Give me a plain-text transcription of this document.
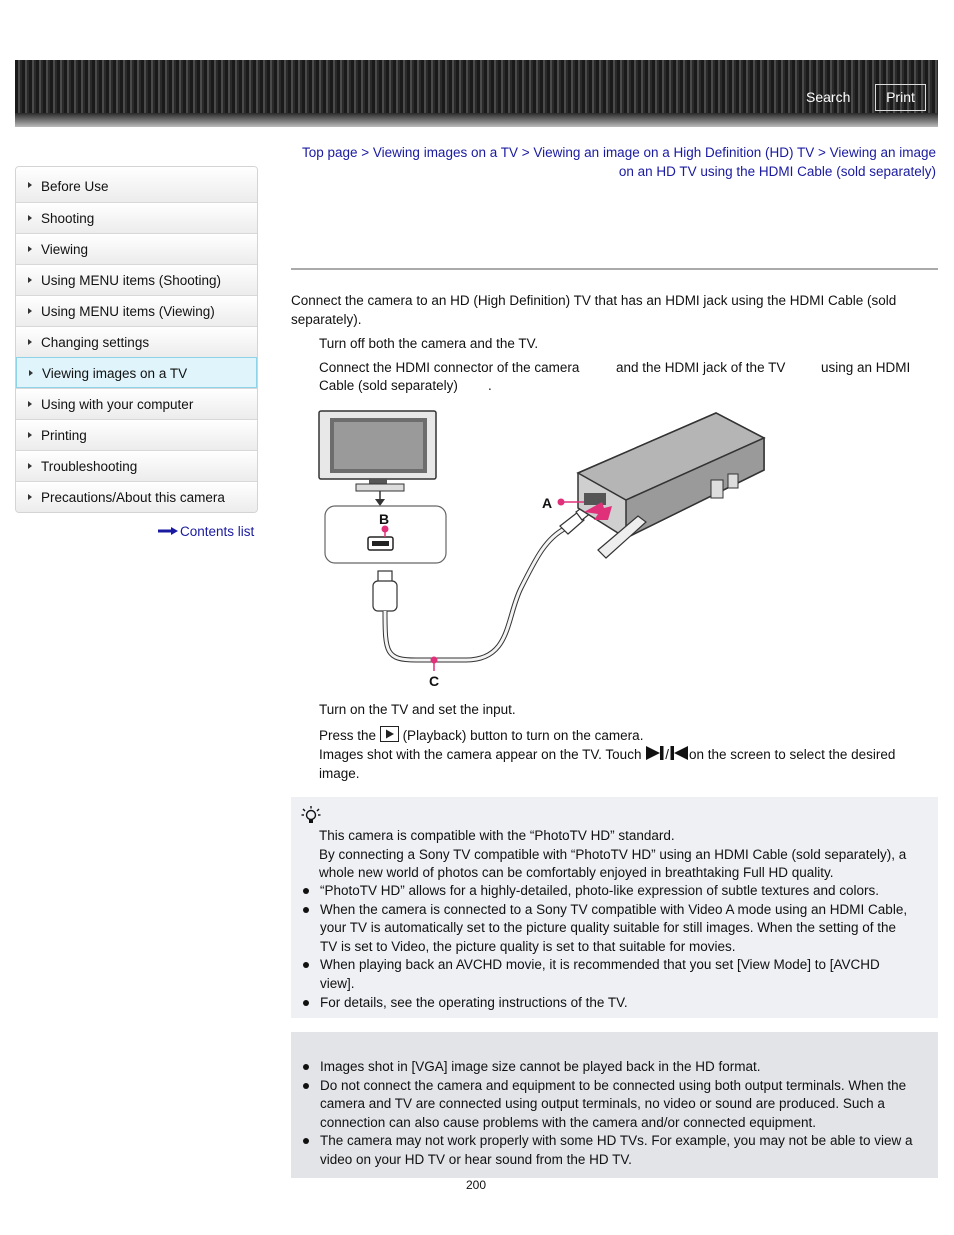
Search	Print
Before Use
Shooting
Viewing
Using MENU items (Shooting)
Using MENU items (Viewing)
Changing settings
Viewing images on a TV
Using with your computer
Printing
Troubleshooting
Precautions/About this camera
Contents list
Top page > Viewing images on a TV > Viewing an image on a High Definition (HD) TV > Viewing an image on an HD TV using the HDMI Cable (sold separately)
Connect the camera to an HD (High Definition) TV that has an HDMI jack using the HDMI Cable (sold
separately).
Turn off both the camera and the TV.
Connect the HDMI connector of the camera	and the HDMI jack of the TV	using an HDMI
Cable (sold separately) .
A
B
C
Turn on the TV and set the input.
Press the (Playback) button to turn on the camera.
Images shot with the camera appear on the TV. Touch / on the screen to select the desired
image.
This camera is compatible with the “PhotoTV HD” standard.
By connecting a Sony TV compatible with “PhotoTV HD” using an HDMI Cable (sold separately), a
whole new world of photos can be comfortably enjoyed in breathtaking Full HD quality.
“PhotoTV HD” allows for a highly-detailed, photo-like expression of subtle textures and colors.
When the camera is connected to a Sony TV compatible with Video A mode using an HDMI Cable,
your TV is automatically set to the picture quality suitable for still images. When the setting of the
TV is set to Video, the picture quality is set to that suitable for movies.
When playing back an AVCHD movie, it is recommended that you set [View Mode] to [AVCHD
view].
For details, see the operating instructions of the TV.
Images shot in [VGA] image size cannot be played back in the HD format.
Do not connect the camera and equipment to be connected using both output terminals. When the
camera and TV are connected using output terminals, no video or sound are produced. Such a
connection can also cause problems with the camera and/or connected equipment.
The camera may not work properly with some HD TVs. For example, you may not be able to view a
video on your HD TV or hear sound from the HD TV.
200
